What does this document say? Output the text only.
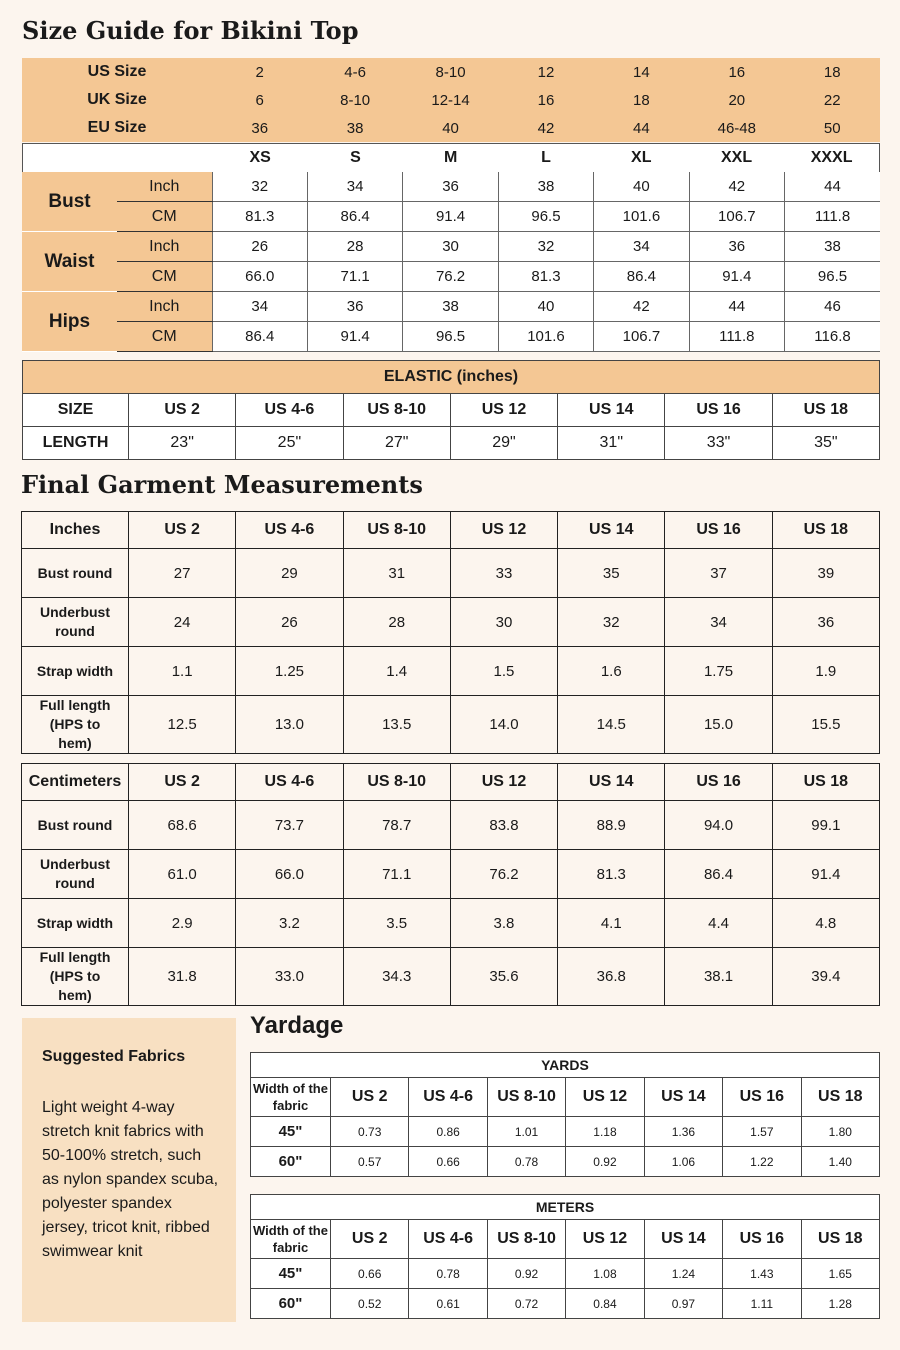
Size Guide for Bikini Top
US Size	2	4-6	8-10	12	14	16	18
UK Size	6	8-10	12-14	16	18	20	22
EU Size	36	38	40	42	44	46-48	50
	XS	S	M	L	XL	XXL	XXXL
Bust	Inch	32	34	36	38	40	42	44
	CM	81.3	86.4	91.4	96.5	101.6	106.7	111.8
Waist	Inch	26	28	30	32	34	36	38
	CM	66.0	71.1	76.2	81.3	86.4	91.4	96.5
Hips	Inch	34	36	38	40	42	44	46
	CM	86.4	91.4	96.5	101.6	106.7	111.8	116.8
ELASTIC (inches)							
SIZE	US 2	US 4-6	US 8-10	US 12	US 14	US 16	US 18
LENGTH	23"	25"	27"	29"	31"	33"	35"
Final Garment Measurements
Inches	US 2	US 4-6	US 8-10	US 12	US 14	US 16	US 18
Bust round	27	29	31	33	35	37	39
Underbust round	24	26	28	30	32	34	36
Strap width	1.1	1.25	1.4	1.5	1.6	1.75	1.9
Full length (HPS to hem)	12.5	13.0	13.5	14.0	14.5	15.0	15.5
Centimeters	US 2	US 4-6	US 8-10	US 12	US 14	US 16	US 18
Bust round	68.6	73.7	78.7	83.8	88.9	94.0	99.1
Underbust round	61.0	66.0	71.1	76.2	81.3	86.4	91.4
Strap width	2.9	3.2	3.5	3.8	4.1	4.4	4.8
Full length (HPS to hem)	31.8	33.0	34.3	35.6	36.8	38.1	39.4
Suggested Fabrics
Light weight 4-way stretch knit fabrics with 50-100% stretch, such as nylon spandex scuba, polyester spandex jersey, tricot knit, ribbed swimwear knit
Yardage
YARDS							
Width of the fabric	US 2	US 4-6	US 8-10	US 12	US 14	US 16	US 18
45"	0.73	0.86	1.01	1.18	1.36	1.57	1.80
60"	0.57	0.66	0.78	0.92	1.06	1.22	1.40
METERS							
Width of the fabric	US 2	US 4-6	US 8-10	US 12	US 14	US 16	US 18
45"	0.66	0.78	0.92	1.08	1.24	1.43	1.65
60"	0.52	0.61	0.72	0.84	0.97	1.11	1.28
